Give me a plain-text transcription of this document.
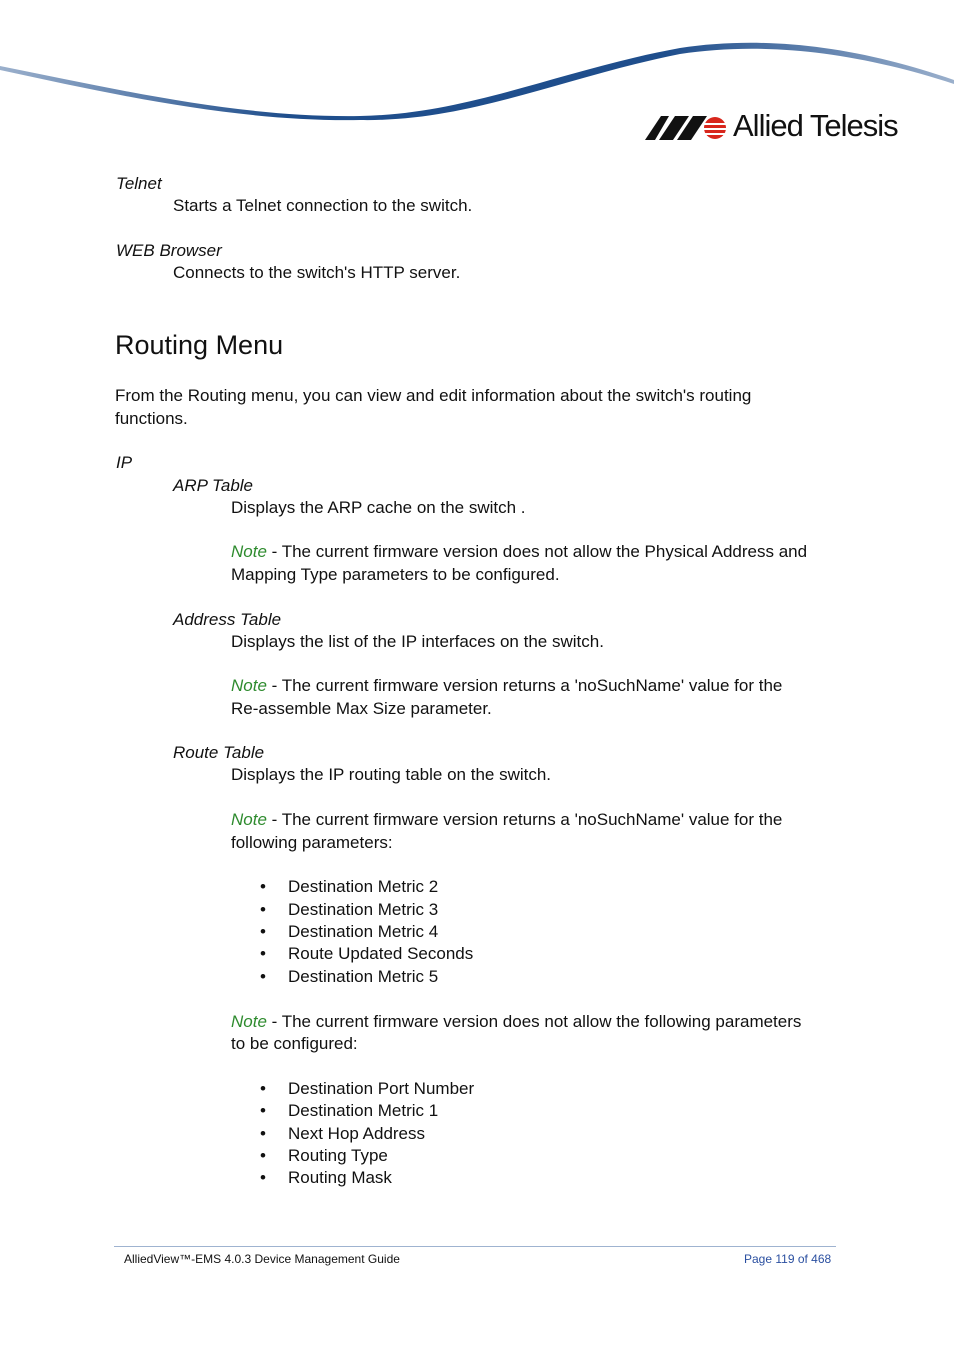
Allied Telesis
Telnet
Starts a Telnet connection to the switch.
WEB Browser
Connects to the switch's HTTP server.
Routing Menu
From the Routing menu, you can view and edit information about the switch's routing
functions.
IP
ARP Table
Displays the ARP cache on the switch .
Note - The current firmware version does not allow the Physical Address and
Mapping Type parameters to be configured.
Address Table
Displays the list of the IP interfaces on the switch.
Note - The current firmware version returns a 'noSuchName' value for the
Re-assemble Max Size parameter.
Route Table
Displays the IP routing table on the switch.
Note - The current firmware version returns a 'noSuchName' value for the
following parameters:
• Destination Metric 2
• Destination Metric 3
• Destination Metric 4
• Route Updated Seconds
• Destination Metric 5
Note - The current firmware version does not allow the following parameters
to be configured:
• Destination Port Number
• Destination Metric 1
• Next Hop Address
• Routing Type
• Routing Mask
AlliedView™-EMS 4.0.3 Device Management Guide	Page 119 of 468
